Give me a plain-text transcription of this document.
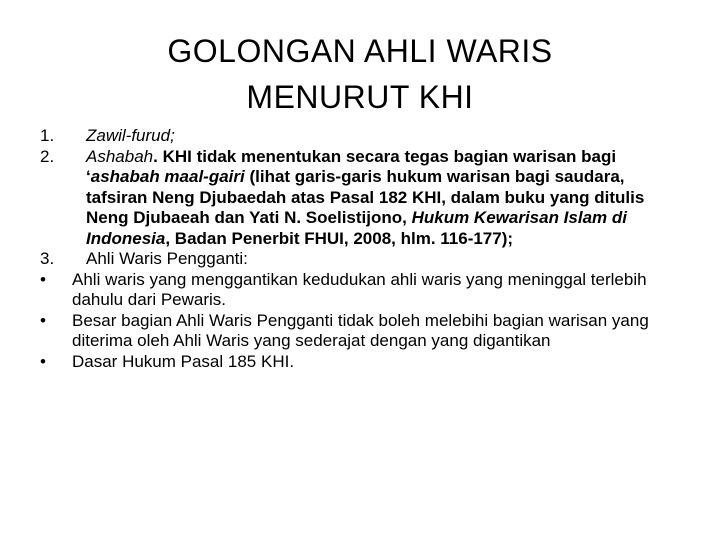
GOLONGAN AHLI WARIS
MENURUT KHI
1. Zawil-furud;
2. Ashabah. KHI tidak menentukan secara tegas bagian warisan bagi ‘ashabah maal-gairi (lihat garis-garis hukum warisan bagi saudara, tafsiran Neng Djubaedah atas Pasal 182 KHI, dalam buku yang ditulis Neng Djubaeah dan Yati N. Soelistijono, Hukum Kewarisan Islam di Indonesia, Badan Penerbit FHUI, 2008, hlm. 116-177);
3. Ahli Waris Pengganti:
• Ahli waris yang menggantikan kedudukan ahli waris yang meninggal terlebih dahulu dari Pewaris.
• Besar bagian Ahli Waris Pengganti tidak boleh melebihi bagian warisan yang diterima oleh Ahli Waris yang sederajat dengan yang digantikan
• Dasar Hukum Pasal 185 KHI.
